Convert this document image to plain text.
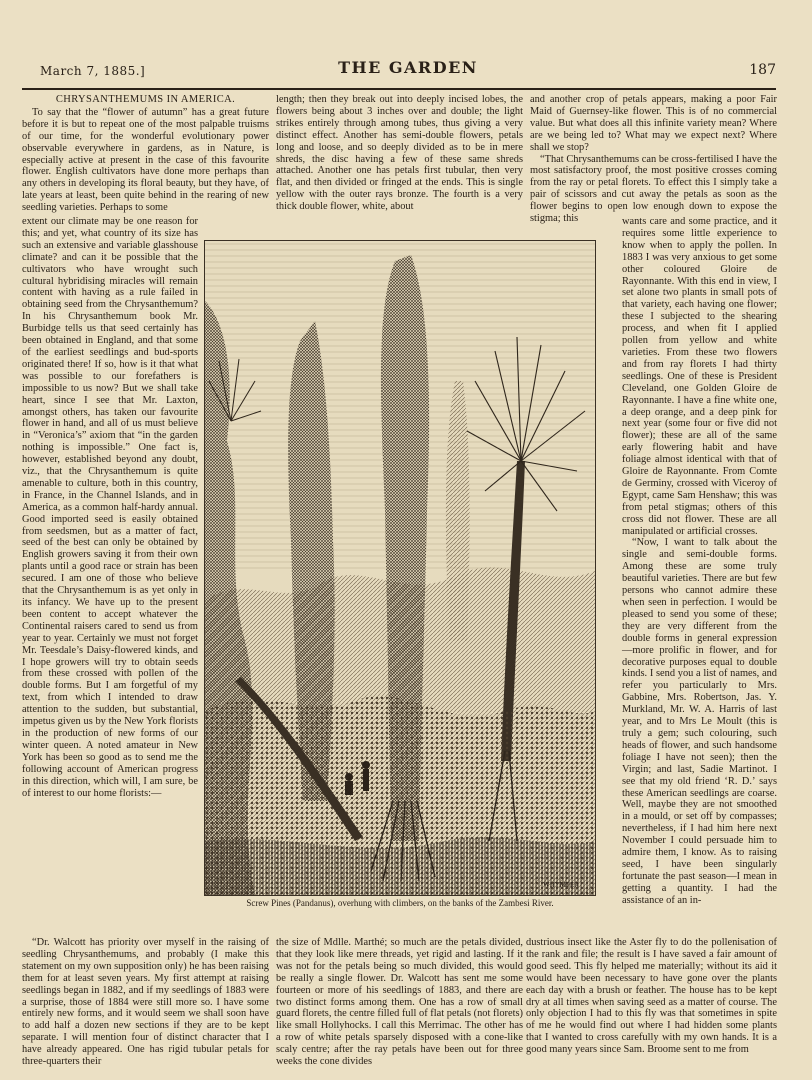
March 7, 1885.]	THE GARDEN	187

CHRYSANTHEMUMS IN AMERICA.

To say that the “flower of autumn” has a great future before it is but to repeat one of the most palpable truisms of our time, for the wonderful evolutionary power observable everywhere in gardens, as in Nature, is especially active at present in the case of this favourite flower. English cultivators have done more perhaps than any others in developing its floral beauty, but they have, of late years at least, been quite behind in the rearing of new seedling varieties. Perhaps to some

extent our climate may be one reason for this; and yet, what country of its size has such an extensive and variable glasshouse climate? and can it be possible that the cultivators who have wrought such cultural hybridising miracles will remain content with having as a rule failed in obtaining seed from the Chrysanthemum? In his Chrysanthemum book Mr. Burbidge tells us that seed certainly has been obtained in England, and that some of the earliest seedlings and bud-sports originated there! If so, how is it that what was possible to our forefathers is impossible to us now? But we shall take heart, since I see that Mr. Laxton, amongst others, has taken our favourite flower in hand, and all of us must believe in “Veronica’s” axiom that “in the garden nothing is impossible.” One fact is, however, established beyond any doubt, viz., that the Chrysanthemum is quite amenable to culture, both in this country, in France, in the Channel Islands, and in America, as a common half-hardy annual. Good imported seed is easily obtained from seedsmen, but as a matter of fact, seed of the best can only be obtained by English growers saving it from their own plants until a good race or strain has been secured. I am one of those who believe that the Chrysanthemum is as yet only in its infancy. We have up to the present been content to accept whatever the Continental raisers cared to send us from year to year. Certainly we must not forget Mr. Teesdale’s Daisy-flowered kinds, and I hope growers will try to obtain seeds from these crossed with pollen of the double forms. But I am forgetful of my text, from which I intended to draw attention to the sudden, but substantial, impetus given us by the New York florists in the production of new forms of our winter queen. A noted amateur in New York has been so good as to send me the following account of American progress in this direction, which will, I am sure, be of interest to our home florists:—

“Dr. Walcott has priority over myself in the raising of seedling Chrysanthemums, and probably (I make this statement on my own supposition only) he has been raising them for at least seven years. My first attempt at raising seedlings began in 1882, and if my seedlings of 1883 were a surprise, those of 1884 were still more so. I have some entirely new forms, and it would seem we shall soon have to add half a dozen new sections if they are to be kept separate. I will mention four of distinct character that I have already appeared. One has rigid tubular petals for three-quarters their

length; then they break out into deeply incised lobes, the flowers being about 3 inches over and double; the light strikes entirely through among tubes, thus giving a very distinct effect. Another has semi-double flowers, petals long and loose, and so deeply divided as to be in mere shreds, the disc having a few of these same shreds attached. Another one has petals first tubular, then very flat, and then divided or fringed at the ends. This is single yellow with the outer rays bronze. The fourth is a very thick double flower, white, about

the size of Mdlle. Marthé; so much are the petals divided, that they look like mere threads, yet rigid and lasting. If it was not for the petals being so much divided, this would be really a single flower. Dr. Walcott has sent me some fourteen or more of his seedlings of 1883, and there are two distinct forms among them. One has a row of small guard florets, the centre filled full of flat petals (not florets) like small Hollyhocks. I call this Merrimac. The other has a row of white petals sparsely disposed with a cone-like scaly centre; after the ray petals have been out for three weeks the cone divides

and another crop of petals appears, making a poor Fair Maid of Guernsey-like flower. This is of no commercial value. But what does all this infinite variety mean? Where are we being led to? What may we expect next? Where shall we stop?

“That Chrysanthemums can be cross-fertilised I have the most satisfactory proof, the most positive crosses coming from the ray or petal florets. To effect this I simply take a pair of scissors and cut away the petals as soon as the flower begins to open low enough down to expose the stigma; this	wants care and some practice, and it requires some little experience to know when to apply the pollen. In 1883 I was very anxious to get some other coloured Gloire de Rayonnante. With this end in view, I set alone two plants in small pots of that variety, each having one flower; these I subjected to the shearing process, and when fit I applied pollen from yellow and white varieties. From these two flowers and from ray florets I had thirty seedlings. One of these is President Cleveland, one Golden Gloire de Rayonnante. I have a fine white one, a deep orange, and a deep pink for next year (some four or five did not flower); these are all of the same early flowering habit and have foliage almost identical with that of Gloire de Rayonnante. From Comte de Germiny, crossed with Viceroy of Egypt, came Sam Henshaw; this was from petal stigmas; others of this cross did not flower. These are all manipulated or artificial crosses.

“Now, I want to talk about the single and semi-double forms. Among these are some truly beautiful varieties. There are but few persons who cannot admire these when seen in perfection. I would be pleased to send you some of these; they are very different from the double forms in general expression—more prolific in flower, and for decorative purposes equal to double kinds. I send you a list of names, and refer you particularly to Mrs. Gabbine, Mrs. Robertson, Jas. Y. Murkland, Mr. W. A. Harris of last year, and to Mrs Le Moult (this is truly a gem; such colouring, such heads of flower, and such handsome foliage I have not seen); then the Virgin; and last, Sadie Martinot. I see that my old friend ‘R. D.’ says these American seedlings are coarse. Well, maybe they are not smoothed in a mould, or set off by compasses; nevertheless, if I had him here next November I could persuade him to admire them, I know. As to raising seed, I have been singularly fortunate the past season—I mean in getting a quantity. I had the assistance of an in-

dustrious insect like the Aster fly to do the pollenisation of the rank and file; the result is I have saved a fair amount of good seed. This fly helped me materially; without its aid it would have been necessary to have gone over the plants each day with a brush or feather. The house has to be kept dry at all times when saving seed as a matter of course. The only objection I had to this fly was that sometimes in spite of me he would find out where I had hidden some plants that I wanted to cross carefully with my own hands. It is a good many years since Sam. Broome sent to me from

WHYMPER
Screw Pines (Pandanus), overhung with climbers, on the banks of the Zambesi River.
